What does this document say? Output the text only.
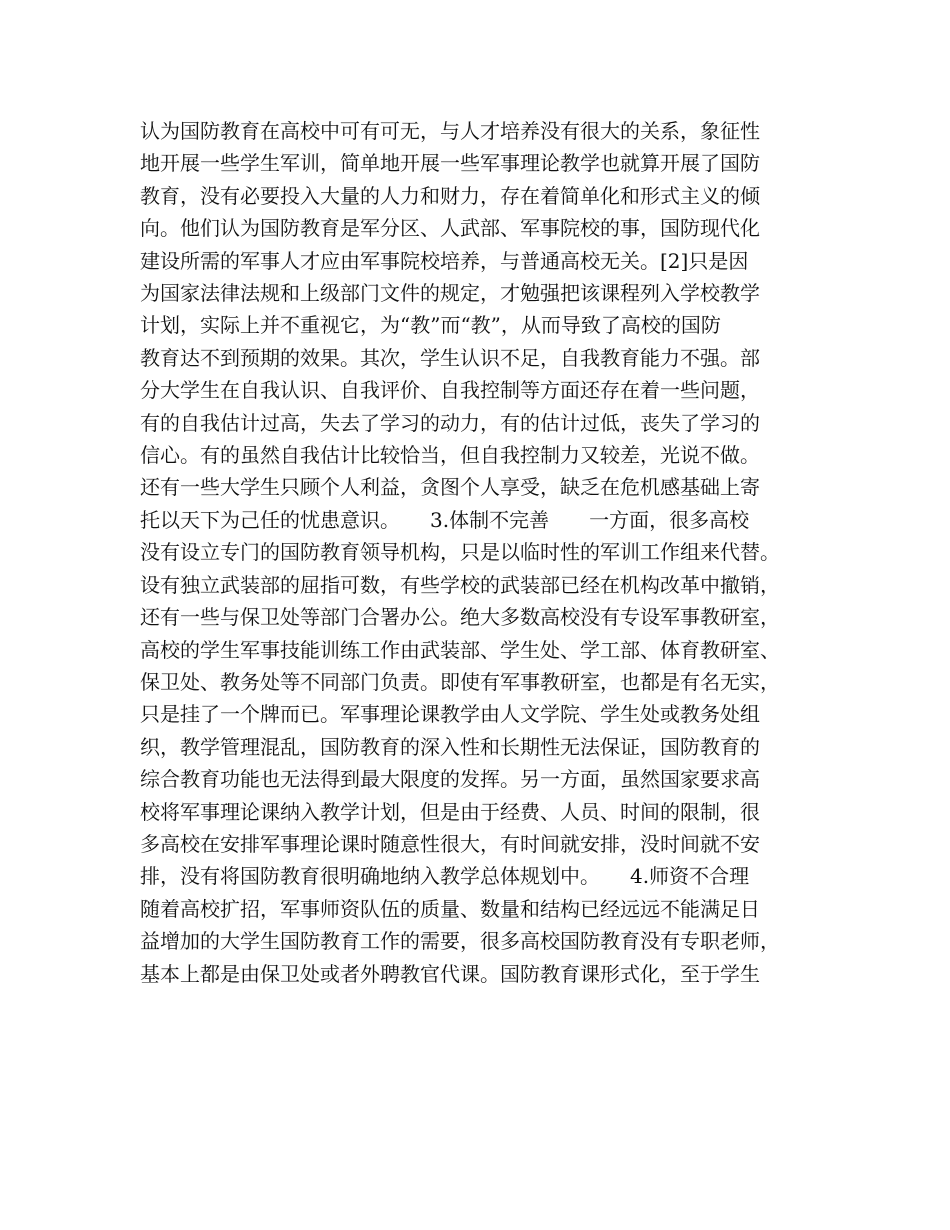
认为国防教育在高校中可有可无，与人才培养没有很大的关系，象征性
地开展一些学生军训，简单地开展一些军事理论教学也就算开展了国防
教育，没有必要投入大量的人力和财力，存在着简单化和形式主义的倾
向。他们认为国防教育是军分区、人武部、军事院校的事，国防现代化
建设所需的军事人才应由军事院校培养，与普通高校无关。[2]只是因
为国家法律法规和上级部门文件的规定，才勉强把该课程列入学校教学
计划，实际上并不重视它，为“教”而“教”，从而导致了高校的国防
教育达不到预期的效果。其次，学生认识不足，自我教育能力不强。部
分大学生在自我认识、自我评价、自我控制等方面还存在着一些问题，
有的自我估计过高，失去了学习的动力，有的估计过低，丧失了学习的
信心。有的虽然自我估计比较恰当，但自我控制力又较差，光说不做。
还有一些大学生只顾个人利益，贪图个人享受，缺乏在危机感基础上寄
托以天下为己任的忧患意识。　　3.体制不完善　　一方面，很多高校
没有设立专门的国防教育领导机构，只是以临时性的军训工作组来代替。
设有独立武装部的屈指可数，有些学校的武装部已经在机构改革中撤销，
还有一些与保卫处等部门合署办公。绝大多数高校没有专设军事教研室，
高校的学生军事技能训练工作由武装部、学生处、学工部、体育教研室、
保卫处、教务处等不同部门负责。即使有军事教研室，也都是有名无实，
只是挂了一个牌而已。军事理论课教学由人文学院、学生处或教务处组
织，教学管理混乱，国防教育的深入性和长期性无法保证，国防教育的
综合教育功能也无法得到最大限度的发挥。另一方面，虽然国家要求高
校将军事理论课纳入教学计划，但是由于经费、人员、时间的限制，很
多高校在安排军事理论课时随意性很大，有时间就安排，没时间就不安
排，没有将国防教育很明确地纳入教学总体规划中。　　4.师资不合理
随着高校扩招，军事师资队伍的质量、数量和结构已经远远不能满足日
益增加的大学生国防教育工作的需要，很多高校国防教育没有专职老师，
基本上都是由保卫处或者外聘教官代课。国防教育课形式化，至于学生
